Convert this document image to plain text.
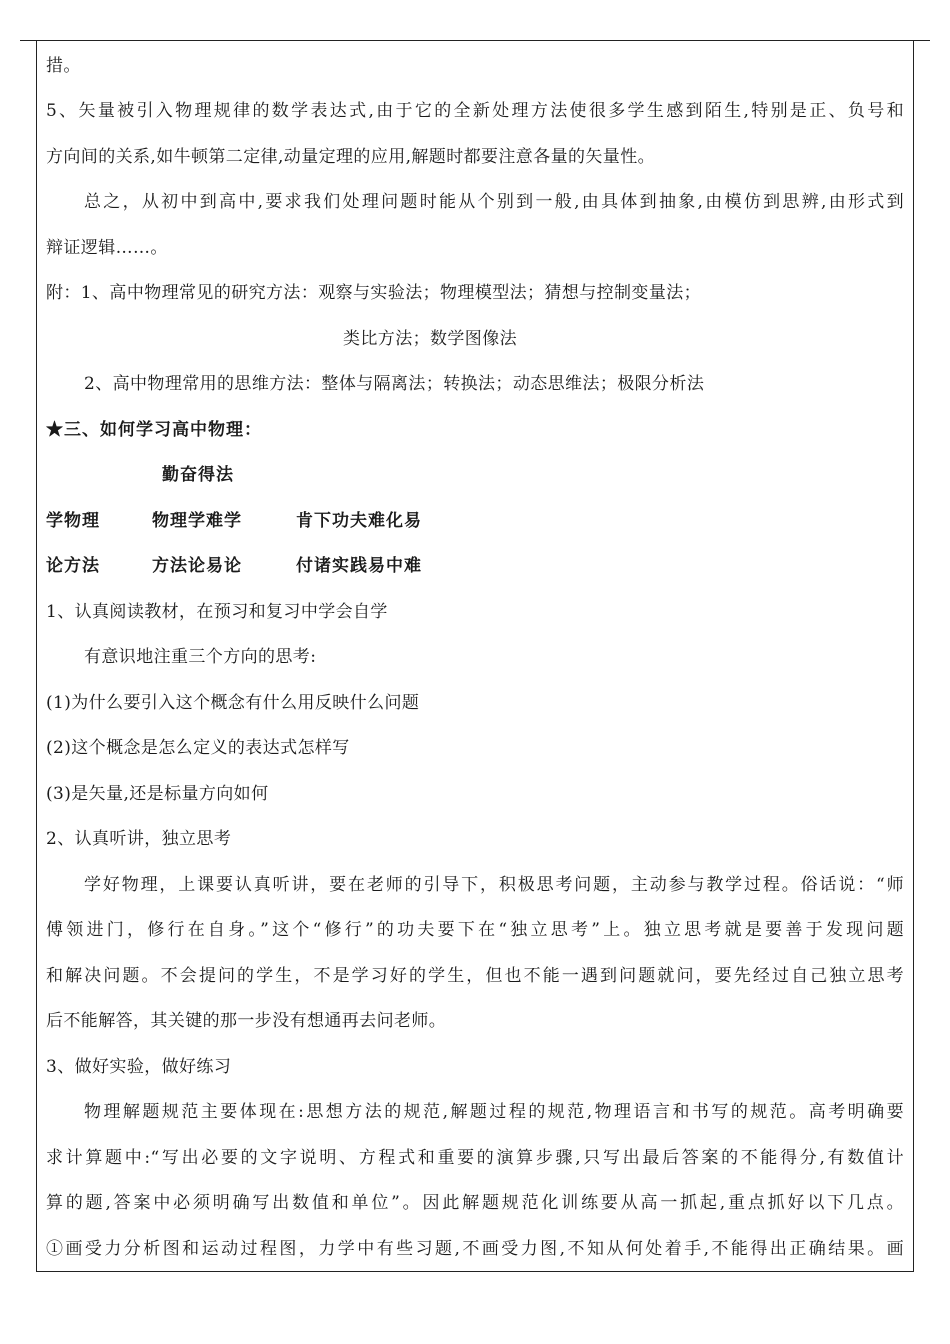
措。
5、矢量被引入物理规律的数学表达式,由于它的全新处理方法使很多学生感到陌生,特别是正、负号和
方向间的关系,如牛顿第二定律,动量定理的应用,解题时都要注意各量的矢量性。
总之，从初中到高中,要求我们处理问题时能从个别到一般,由具体到抽象,由模仿到思辨,由形式到
辩证逻辑……。
附：1、高中物理常见的研究方法：观察与实验法；物理模型法；猜想与控制变量法；
类比方法；数学图像法
2、高中物理常用的思维方法：整体与隔离法；转换法；动态思维法；极限分析法
★三、如何学习高中物理：
勤奋得法
学物理	物理学难学	肯下功夫难化易
论方法	方法论易论	付诸实践易中难
1、认真阅读教材，在预习和复习中学会自学
有意识地注重三个方向的思考:
(1)为什么要引入这个概念有什么用反映什么问题
(2)这个概念是怎么定义的表达式怎样写
(3)是矢量,还是标量方向如何
2、认真听讲，独立思考
学好物理，上课要认真听讲，要在老师的引导下，积极思考问题，主动参与教学过程。俗话说：“师
傅领进门，修行在自身。”这个“修行”的功夫要下在“独立思考”上。独立思考就是要善于发现问题
和解决问题。不会提问的学生，不是学习好的学生，但也不能一遇到问题就问，要先经过自己独立思考
后不能解答，其关键的那一步没有想通再去问老师。
3、做好实验，做好练习
物理解题规范主要体现在:思想方法的规范,解题过程的规范,物理语言和书写的规范。高考明确要
求计算题中:“写出必要的文字说明、方程式和重要的演算步骤,只写出最后答案的不能得分,有数值计
算的题,答案中必须明确写出数值和单位”。因此解题规范化训练要从高一抓起,重点抓好以下几点。
①画受力分析图和运动过程图，力学中有些习题,不画受力图,不知从何处着手,不能得出正确结果。画
